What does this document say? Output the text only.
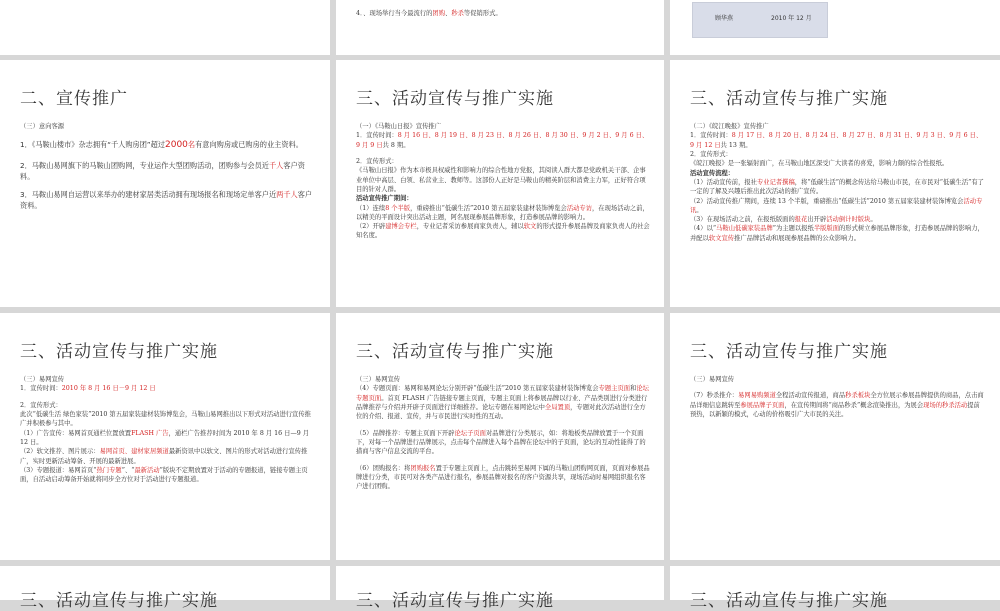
4．、现场举行当今最流行的团购、秒杀等促销形式。
顾华燕	2010 年 12 月
二、宣传推广

（三）意向客源

1．《马鞍山楼市》杂志拥有“千人购房团”超过2000名有意向购房或已购房的业主资料。

2．马鞍山易网旗下的马鞍山团购网，专业运作大型团购活动，团购参与会员近千人客户资料。

3．马鞍山易网自运营以来举办的建材家居类活动拥有现场报名和现场定单客户近两千人客户资料。

三、活动宣传与推广实施

（一）《马鞍山日报》宣传推广

1．宣传时间：8 月 16 日、8 月 19 日、8 月 23 日、8 月 26 日、8 月 30 日、9 月 2 日、9 月 6 日、9 月 9 日共 8 期。

2．宣传形式：

《马鞍山日报》作为本市极具权威性和影响力的综合性地方党报，其阅读人群大都是党政机关干部、企事业单位中高层、白领、私营业主、教师等。这部份人正好是马鞍山的精英阶层和消费主力军，正好符合项目的针对人群。

活动宣传推广期间：

（1）连续8 个半版，重磅推出“低碳生活”2010 第五届家装建材装饰博览会活动专访，在现场活动之前，以精美的平面设计突出活动主题，阿名展现参展品牌形象，打造参展品牌的影响力。

（2）开辟建博会专栏，专业记者采访参展商家负责人，辅以软文的形式提升参展品牌及商家负责人的社会知名度。

三、活动宣传与推广实施

（二）《皖江晚报》宣传推广

1．宣传时间：8 月 17 日、8 月 20 日、8 月 24 日、8 月 27 日、8 月 31 日、9 月 3 日、9 月 6 日、9 月 12 日共 13 期。

2．宣传形式：

《皖江晚报》是一张辐射面广，在马鞍山地区深受广大读者的喜爱，影响力颇的综合性报纸。

活动宣传流程：

（1）活动宣传前，报社专业记者撰稿，将“低碳生活”的概念传达给马鞍山市民，在市民对“低碳生活”有了一定的了解及兴趣后推出此次活动的推广宣传。

（2）活动宣传推广期间，连续 13 个半版，重磅推出“低碳生活”2010 第五届家装建材装饰博览会活动专讯。

（3）在现场活动之前，在报纸版面的报花出开辟活动倒计时版块。

（4）以“马鞍山低碳家装品牌”为主题以报纸半版版面的形式树立参展品牌形象，打造参展品牌的影响力，并配以软文宣传推广品牌活动和展现参展品牌的公众影响力。

三、活动宣传与推广实施

（三）易网宣传

1．宣传时间：2010 年 8 月 16 日－9 月 12 日

2．宣传形式：

此次“低碳生活 绿色家装”2010 第五届家装建材装饰博览会，马鞍山易网推出以下形式对活动进行宣传推广并积极参与其中。

（1）广告宣传：易网首页通栏位置放置FLASH 广告，通栏广告推荐时间为 2010 年 8 月 16 日—9 月 12 日。

（2）软文推荐、图片展示：易网首页、建材家居频道最新资讯中以软文、图片的形式对活动进行宣传推广，实时更新活动筹备、开展的最新进展。

（3）专题报道：易网首页“热门专题”、“最新活动”版块不定期放置对于活动的专题报道，链接专题主页面，自活动启动筹备开始就将同步全方位对于活动进行专题报道。

三、活动宣传与推广实施

（三）易网宣传

（4）专题页面：易网和易网论坛分别开辟“低碳生活”2010 第五届家装建材装饰博览会专题主页面和论坛专题页面。首页 FLASH 广告链接专题主页面，专题主页面上将参展品牌以行业、产品类别进行分类进行品牌推荐与介绍并开辟子页面进行详细推荐。论坛专题在易网论坛中全局置顶，专题对此次活动进行全方位的介绍、报道、宣传，并与市民进行实时性的互动。

（5）品牌推荐：专题主页面下开辟论坛子页面对品牌进行分类展示，如：将地板类品牌放置于一个页面下，对每一个品牌进行品牌展示，点击每个品牌进入每个品牌在论坛中的子页面，论坛的互动性能得了的措商与客户信息交流的平台。

（6）团购报名：将团购报名置于专题主页面上，点击跳转至易网下属的马鞍山团购网页面，页面对参展品牌进行分类，市民可对各类产品进行报名，参展品牌对报名的客户资源共享，现场活动时易网组织报名客户进行团购。

三、活动宣传与推广实施

（三）易网宣传

（7）秒杀推介：易网易购频道全程活动宣传报道，商品秒杀板块全方位展示参展品牌提供的商品，点击商品详细信息跳转至参展品牌子页面，在宣传期间将“商品秒杀”概念渲染推出，为展会现场的秒杀活动提前预热，以新颖的模式，心动的价格吸引广大市民的关注。

三、活动宣传与推广实施	三、活动宣传与推广实施	三、活动宣传与推广实施
